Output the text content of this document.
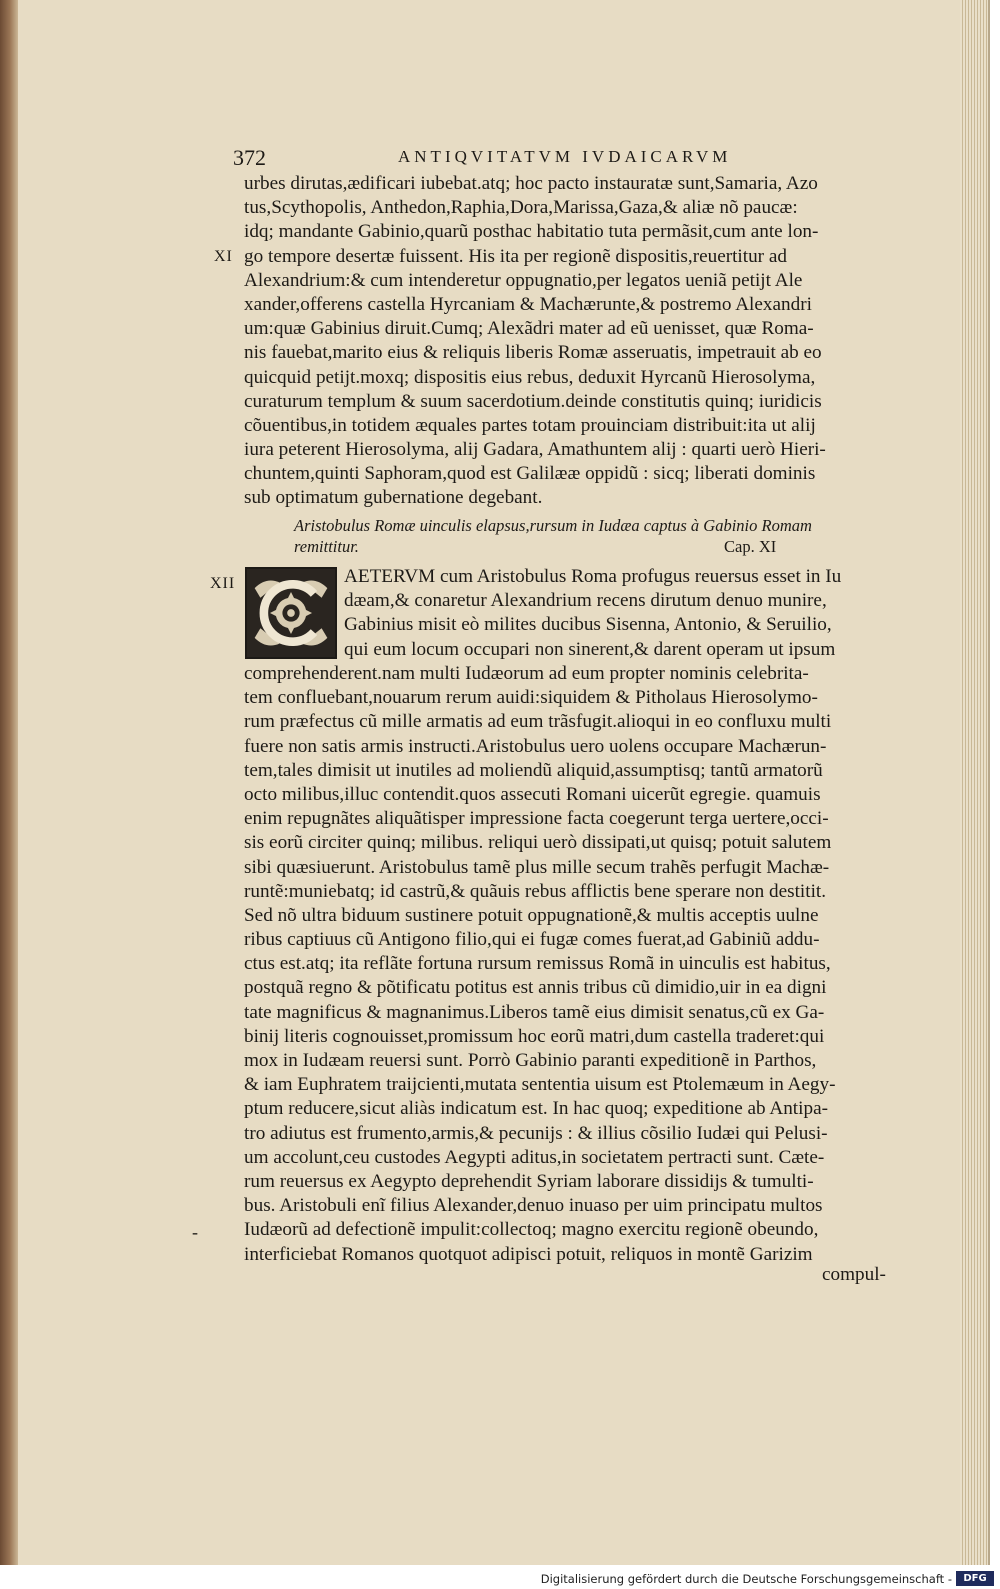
372	ANTIQVITATVM IVDAICARVM
urbes dirutas,ædificari iubebat.atq; hoc pacto instauratæ sunt,Samaria, Azo
tus,Scythopolis, Anthedon,Raphia,Dora,Marissa,Gaza,& aliæ nõ paucæ:
idq; mandante Gabinio,quarũ posthac habitatio tuta permãsit,cum ante lon-
go tempore desertæ fuissent. His ita per regionẽ dispositis,reuertitur ad
Alexandrium:& cum intenderetur oppugnatio,per legatos ueniã petijt Ale
xander,offerens castella Hyrcaniam & Machærunte,& postremo Alexandri
um:quæ Gabinius diruit.Cumq; Alexãdri mater ad eũ uenisset, quæ Roma-
nis fauebat,marito eius & reliquis liberis Romæ asseruatis, impetrauit ab eo
quicquid petijt.moxq; dispositis eius rebus, deduxit Hyrcanũ Hierosolyma,
curaturum templum & suum sacerdotium.deinde constitutis quinq; iuridicis
cõuentibus,in totidem æquales partes totam prouinciam distribuit:ita ut alij
iura peterent Hierosolyma, alij Gadara, Amathuntem alij : quarti uerò Hieri-
chuntem,quinti Saphoram,quod est Galilææ oppidũ : sicq; liberati dominis
sub optimatum gubernatione degebant.
XI
Aristobulus Romæ uinculis elapsus,rursum in Iudæa captus à Gabinio Romam
remittitur.	Cap. XI
XII	AETERVM cum Aristobulus Roma profugus reuersus esset in Iu
dæam,& conaretur Alexandrium recens dirutum denuo munire,
Gabinius misit eò milites ducibus Sisenna, Antonio, & Seruilio,
qui eum locum occupari non sinerent,& darent operam ut ipsum
comprehenderent.nam multi Iudæorum ad eum propter nominis celebrita-
tem confluebant,nouarum rerum auidi:siquidem & Pitholaus Hierosolymo-
rum præfectus cũ mille armatis ad eum trãsfugit.alioqui in eo confluxu multi
fuere non satis armis instructi.Aristobulus uero uolens occupare Machærun-
tem,tales dimisit ut inutiles ad moliendũ aliquid,assumptisq; tantũ armatorũ
octo milibus,illuc contendit.quos assecuti Romani uicerũt egregie. quamuis
enim repugnãtes aliquãtisper impressione facta coegerunt terga uertere,occi-
sis eorũ circiter quinq; milibus. reliqui uerò dissipati,ut quisq; potuit salutem
sibi quæsiuerunt. Aristobulus tamẽ plus mille secum trahẽs perfugit Machæ-
runtẽ:muniebatq; id castrũ,& quãuis rebus afflictis bene sperare non destitit.
Sed nõ ultra biduum sustinere potuit oppugnationẽ,& multis acceptis uulne
ribus captiuus cũ Antigono filio,qui ei fugæ comes fuerat,ad Gabiniũ addu-
ctus est.atq; ita reflãte fortuna rursum remissus Romã in uinculis est habitus,
postquã regno & põtificatu potitus est annis tribus cũ dimidio,uir in ea digni
tate magnificus & magnanimus.Liberos tamẽ eius dimisit senatus,cũ ex Ga-
binij literis cognouisset,promissum hoc eorũ matri,dum castella traderet:qui
mox in Iudæam reuersi sunt. Porrò Gabinio paranti expeditionẽ in Parthos,
& iam Euphratem traijcienti,mutata sententia uisum est Ptolemæum in Aegy-
ptum reducere,sicut aliàs indicatum est. In hac quoq; expeditione ab Antipa-
tro adiutus est frumento,armis,& pecunijs : & illius cõsilio Iudæi qui Pelusi-
um accolunt,ceu custodes Aegypti aditus,in societatem pertracti sunt. Cæte-
rum reuersus ex Aegypto deprehendit Syriam laborare dissidijs & tumulti-
bus. Aristobuli enĩ filius Alexander,denuo inuaso per uim principatu multos
Iudæorũ ad defectionẽ impulit:collectoq; magno exercitu regionẽ obeundo,
interficiebat Romanos quotquot adipisci potuit, reliquos in montẽ Garizim
-
compul-
Digitalisierung gefördert durch die Deutsche Forschungsgemeinschaft -	DFG
